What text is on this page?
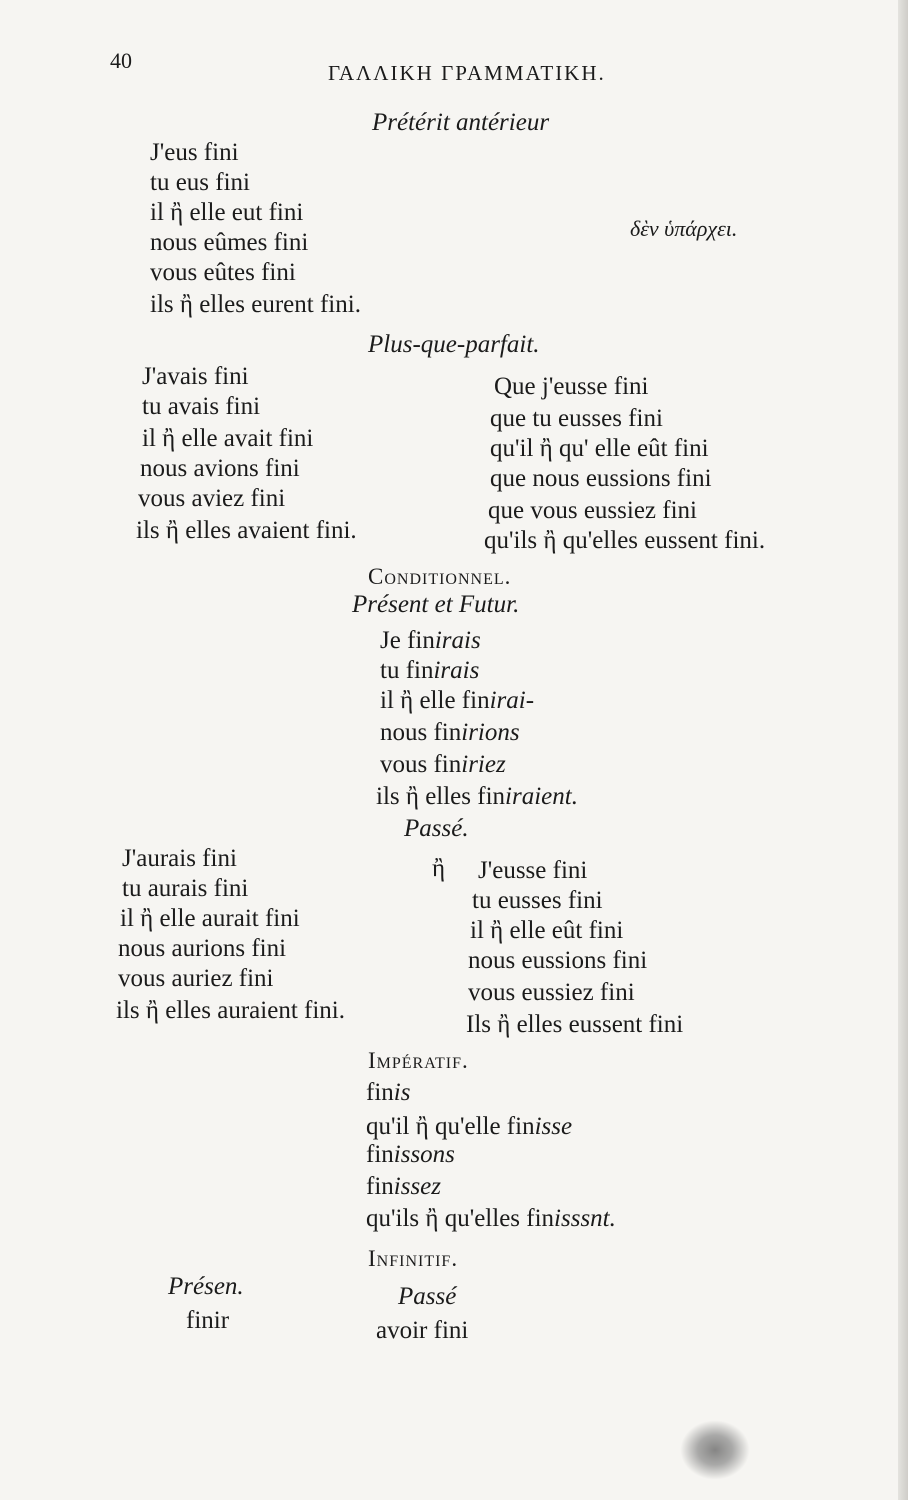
40	ΓΑΛΛΙΚΗ ΓΡΑΜΜΑΤΙΚΗ.
Prétérit antérieur
J'eus fini
tu eus fini
il ἢ elle eut fini
nous eûmes fini
vous eûtes fini
ils ἢ elles eurent fini.
δὲν ὑπάρχει.
Plus-que-parfait.
J'avais fini
tu avais fini
il ἢ elle avait fini
nous avions fini
vous aviez fini
ils ἢ elles avaient fini.
Que j'eusse fini
que tu eusses fini
qu'il ἢ qu' elle eût fini
que nous eussions fini
que vous eussiez fini
qu'ils ἢ qu'elles eussent fini.
Conditionnel.
Présent et Futur.
Je finirais
tu finirais
il ἢ elle finirai-
nous finirions
vous finiriez
ils ἢ elles finiraient.
Passé.
J'aurais fini
tu aurais fini
il ἢ elle aurait fini
nous aurions fini
vous auriez fini
ils ἢ elles auraient fini.
ἢ J'eusse fini
tu eusses fini
il ἢ elle eût fini
nous eussions fini
vous eussiez fini
Ils ἢ elles eussent fini
Impératif.
finis
qu'il ἢ qu'elle finisse
finissons
finissez
qu'ils ἢ qu'elles finisssnt.
Infinitif.
Présen.
finir
Passé
avoir fini
